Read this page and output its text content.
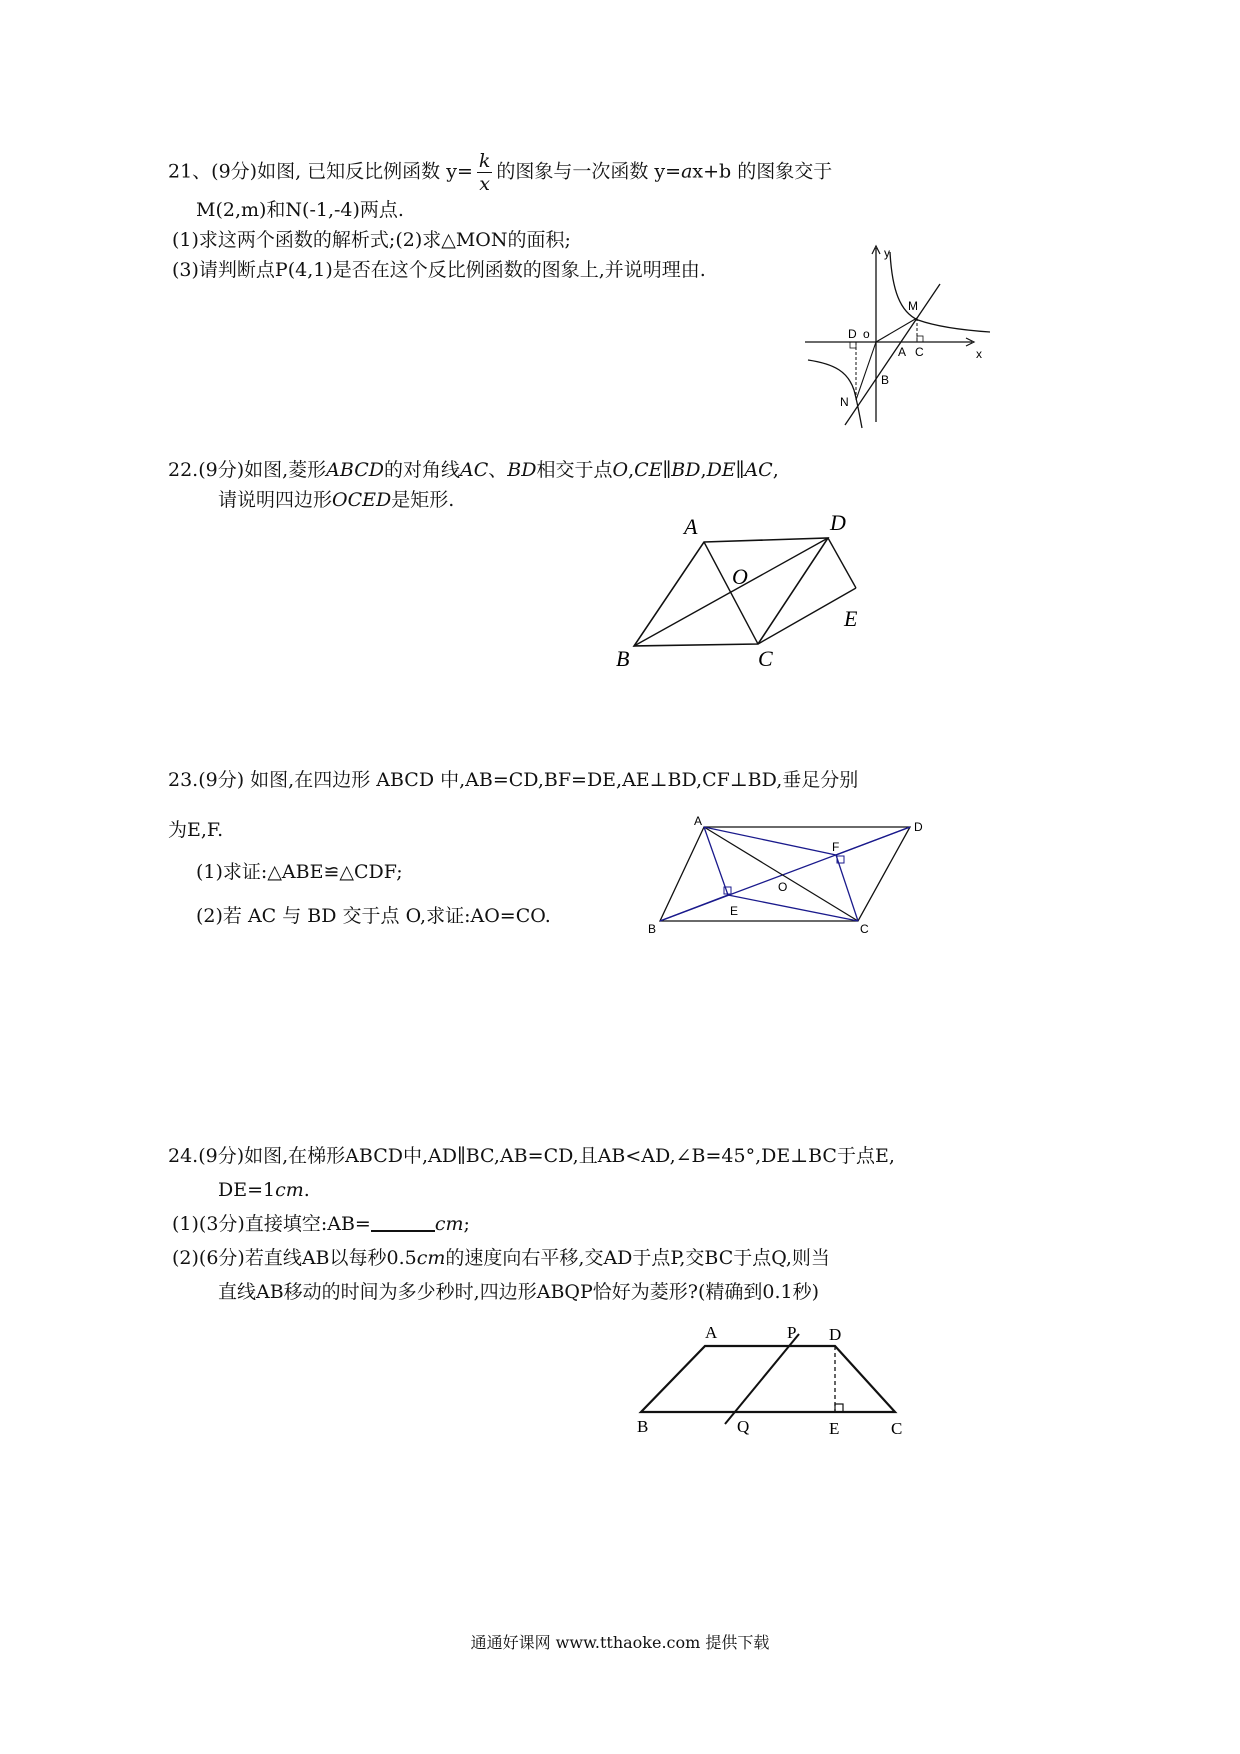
21、(9分)如图, 已知反比例函数 $y= \frac{k}{x}$ 的图象与一次函数 y=ax+b 的图象交于
M(2,m)和N(-1,-4)两点.
(1)求这两个函数的解析式;(2)求△MON的面积;
(3)请判断点P(4,1)是否在这个反比例函数的图象上,并说明理由.
y
x
M
D o
A C
B
N
22.(9分)如图,菱形ABCD的对角线AC、BD相交于点O,CE∥BD,DE∥AC,
请说明四边形OCED是矩形.
A	D
O
E
B	C
23.(9分) 如图,在四边形 ABCD 中,AB=CD,BF=DE,AE⊥BD,CF⊥BD,垂足分别
为E,F.
(1)求证:△ABE≌△CDF;
(2)若 AC 与 BD 交于点 O,求证:AO=CO.
A	D
F
O
E
B	C
24.(9分)如图,在梯形ABCD中,AD∥BC,AB=CD,且AB<AD,∠B=45°,DE⊥BC于点E,
DE=1cm.
(1)(3分)直接填空:AB=	cm;
(2)(6分)若直线AB以每秒0.5cm的速度向右平移,交AD于点P,交BC于点Q,则当
直线AB移动的时间为多少秒时,四边形ABQP恰好为菱形?(精确到0.1秒)
A	P D
B	Q	E	C
通通好课网 www.tthaoke.com 提供下载
